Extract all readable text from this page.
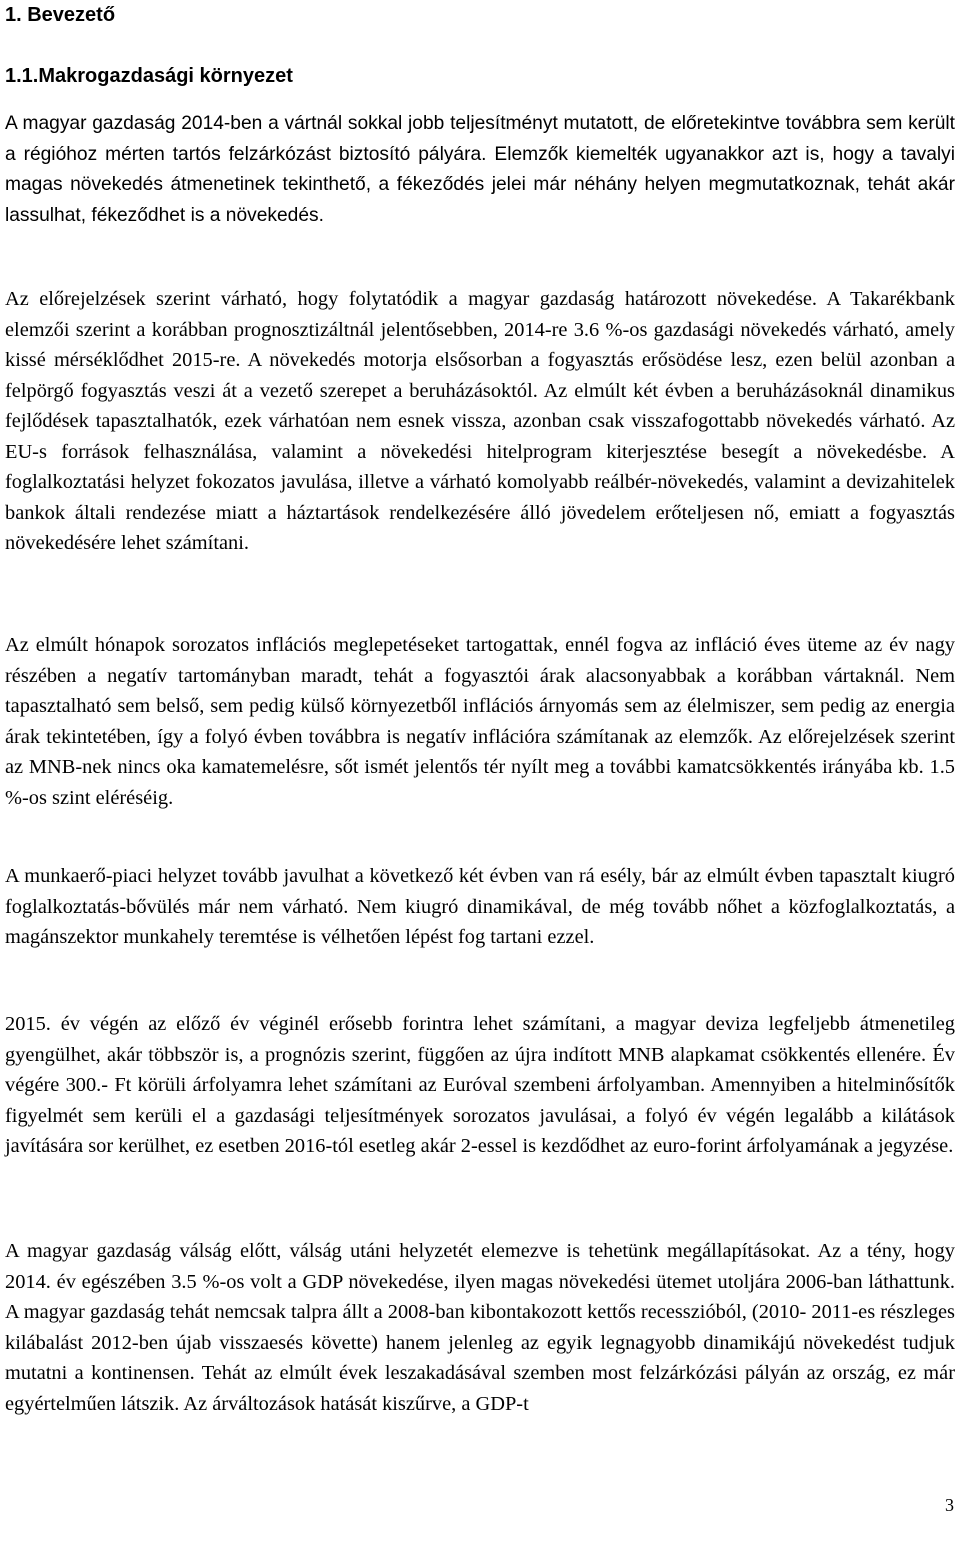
1. Bevezető
1.1.Makrogazdasági környezet

A magyar gazdaság 2014-ben a vártnál sokkal jobb teljesítményt mutatott, de előretekintve továbbra sem került a régióhoz mérten tartós felzárkózást biztosító pályára. Elemzők kiemelték ugyanakkor azt is, hogy a tavalyi magas növekedés átmenetinek tekinthető, a fékeződés jelei már néhány helyen megmutatkoznak, tehát akár lassulhat, fékeződhet is a növekedés.

Az előrejelzések szerint várható, hogy folytatódik a magyar gazdaság határozott növekedése. A Takarékbank elemzői szerint a korábban prognosztizáltnál jelentősebben, 2014-re 3.6 %-os gazdasági növekedés várható, amely kissé mérséklődhet 2015-re. A növekedés motorja elsősorban a fogyasztás erősödése lesz, ezen belül azonban a felpörgő fogyasztás veszi át a vezető szerepet a beruházásoktól. Az elmúlt két évben a beruházásoknál dinamikus fejlődések tapasztalhatók, ezek várhatóan nem esnek vissza, azonban csak visszafogottabb növekedés várható. Az EU-s források felhasználása, valamint a növekedési hitelprogram kiterjesztése besegít a növekedésbe. A foglalkoztatási helyzet fokozatos javulása, illetve a várható komolyabb reálbér-növekedés, valamint a devizahitelek bankok általi rendezése miatt a háztartások rendelkezésére álló jövedelem erőteljesen nő, emiatt a fogyasztás növekedésére lehet számítani.

Az elmúlt hónapok sorozatos inflációs meglepetéseket tartogattak, ennél fogva az infláció éves üteme az év nagy részében a negatív tartományban maradt, tehát a fogyasztói árak alacsonyabbak a korábban vártaknál. Nem tapasztalható sem belső, sem pedig külső környezetből inflációs árnyomás sem az élelmiszer, sem pedig az energia árak tekintetében, így a folyó évben továbbra is negatív inflációra számítanak az elemzők. Az előrejelzések szerint az MNB-nek nincs oka kamatemelésre, sőt ismét jelentős tér nyílt meg a további kamatcsökkentés irányába kb. 1.5 %-os szint eléréséig.

A munkaerő-piaci helyzet tovább javulhat a következő két évben van rá esély, bár az elmúlt évben tapasztalt kiugró foglalkoztatás-bővülés már nem várható. Nem kiugró dinamikával, de még tovább nőhet a közfoglalkoztatás, a magánszektor munkahely teremtése is vélhetően lépést fog tartani ezzel.

2015. év végén az előző év véginél erősebb forintra lehet számítani, a magyar deviza legfeljebb átmenetileg gyengülhet, akár többször is, a prognózis szerint, függően az újra indított MNB alapkamat csökkentés ellenére. Év végére 300.- Ft körüli árfolyamra lehet számítani az Euróval szembeni árfolyamban. Amennyiben a hitelminősítők figyelmét sem kerüli el a gazdasági teljesítmények sorozatos javulásai, a folyó év végén legalább a kilátások javítására sor kerülhet, ez esetben 2016-tól esetleg akár 2-essel is kezdődhet az euro-forint árfolyamának a jegyzése.

A magyar gazdaság válság előtt, válság utáni helyzetét elemezve is tehetünk megállapításokat. Az a tény, hogy 2014. év egészében 3.5 %-os volt a GDP növekedése, ilyen magas növekedési ütemet utoljára 2006-ban láthattunk. A magyar gazdaság tehát nemcsak talpra állt a 2008-ban kibontakozott kettős recesszióból, (2010- 2011-es részleges kilábalást 2012-ben újab visszaesés követte) hanem jelenleg az egyik legnagyobb dinamikájú növekedést tudjuk mutatni a kontinensen. Tehát az elmúlt évek leszakadásával szemben most felzárkózási pályán az ország, ez már egyértelműen látszik. Az árváltozások hatását kiszűrve, a GDP-t

3
